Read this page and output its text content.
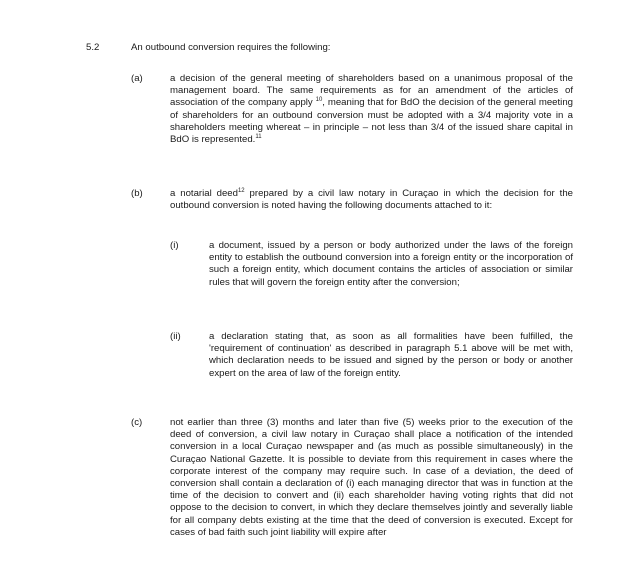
5.2	An outbound conversion requires the following:
(a)	a decision of the general meeting of shareholders based on a unanimous proposal of the management board. The same requirements as for an amendment of the articles of association of the company apply $^{10}$, meaning that for BdO the decision of the general meeting of shareholders for an outbound conversion must be adopted with a 3/4 majority vote in a shareholders meeting whereat – in principle – not less than 3/4 of the issued share capital in BdO is represented.$^{11}$
(b)	a notarial deed$^{12}$ prepared by a civil law notary in Curaçao in which the decision for the outbound conversion is noted having the following documents attached to it:
(i)	a document, issued by a person or body authorized under the laws of the foreign entity to establish the outbound conversion into a foreign entity or the incorporation of such a foreign entity, which document contains the articles of association or similar rules that will govern the foreign entity after the conversion;
(ii)	a declaration stating that, as soon as all formalities have been fulfilled, the 'requirement of continuation' as described in paragraph 5.1 above will be met with, which declaration needs to be issued and signed by the person or body or another expert on the area of law of the foreign entity.
(c)	not earlier than three (3) months and later than five (5) weeks prior to the execution of the deed of conversion, a civil law notary in Curaçao shall place a notification of the intended conversion in a local Curaçao newspaper and (as much as possible simultaneously) in the Curaçao National Gazette. It is possible to deviate from this requirement in cases where the corporate interest of the company may require such. In case of a deviation, the deed of conversion shall contain a declaration of (i) each managing director that was in function at the time of the decision to convert and (ii) each shareholder having voting rights that did not oppose to the decision to convert, in which they declare themselves jointly and severally liable for all company debts existing at the time that the deed of conversion is executed. Except for cases of bad faith such joint liability will expire after
